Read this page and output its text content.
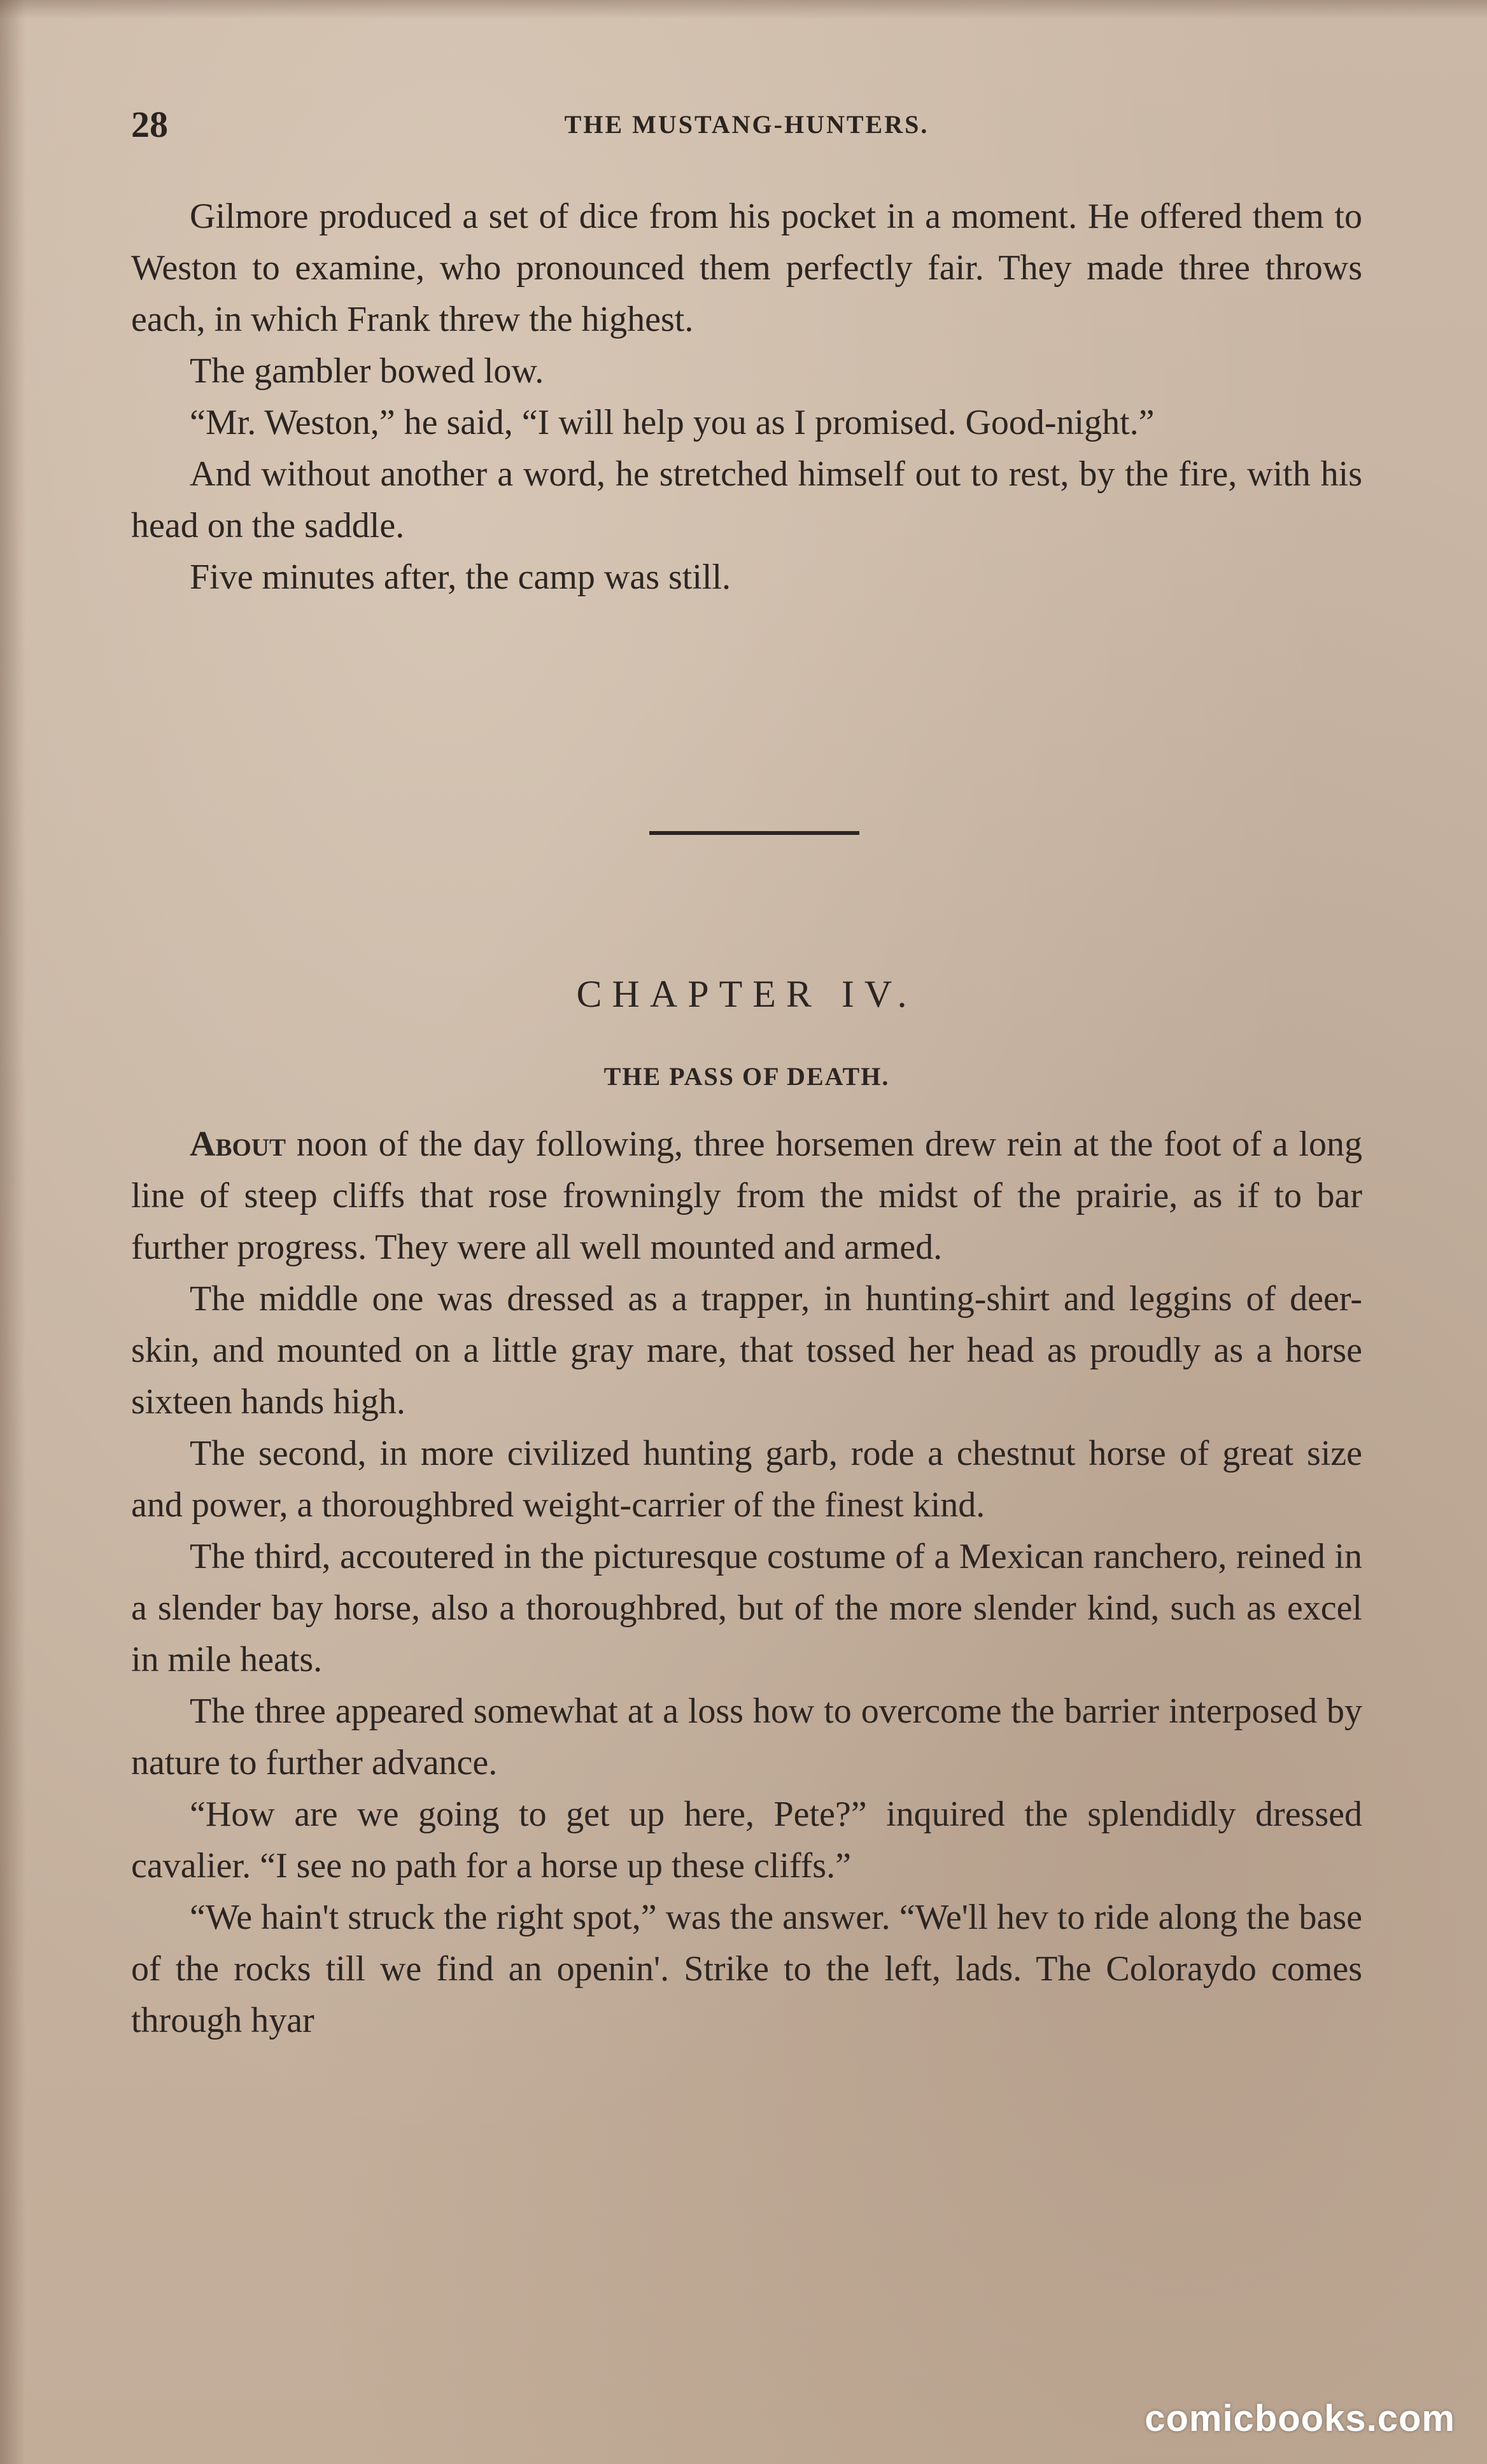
28	THE MUSTANG-HUNTERS.

Gilmore produced a set of dice from his pocket in a moment. He offered them to Weston to examine, who pronounced them perfectly fair. They made three throws each, in which Frank threw the highest.

The gambler bowed low.

“Mr. Weston,” he said, “I will help you as I promised. Good-night.”

And without another a word, he stretched himself out to rest, by the fire, with his head on the saddle.

Five minutes after, the camp was still.

CHAPTER IV.
THE PASS OF DEATH.

About noon of the day following, three horsemen drew rein at the foot of a long line of steep cliffs that rose frowningly from the midst of the prairie, as if to bar further progress. They were all well mounted and armed.

The middle one was dressed as a trapper, in hunting-shirt and leggins of deer-skin, and mounted on a little gray mare, that tossed her head as proudly as a horse sixteen hands high.

The second, in more civilized hunting garb, rode a chestnut horse of great size and power, a thoroughbred weight-carrier of the finest kind.

The third, accoutered in the picturesque costume of a Mexican ranchero, reined in a slender bay horse, also a thoroughbred, but of the more slender kind, such as excel in mile heats.

The three appeared somewhat at a loss how to overcome the barrier interposed by nature to further advance.

“How are we going to get up here, Pete?” inquired the splendidly dressed cavalier. “I see no path for a horse up these cliffs.”

“We hain't struck the right spot,” was the answer. “We'll hev to ride along the base of the rocks till we find an openin'. Strike to the left, lads. The Coloraydo comes through hyar

comicbooks.com
